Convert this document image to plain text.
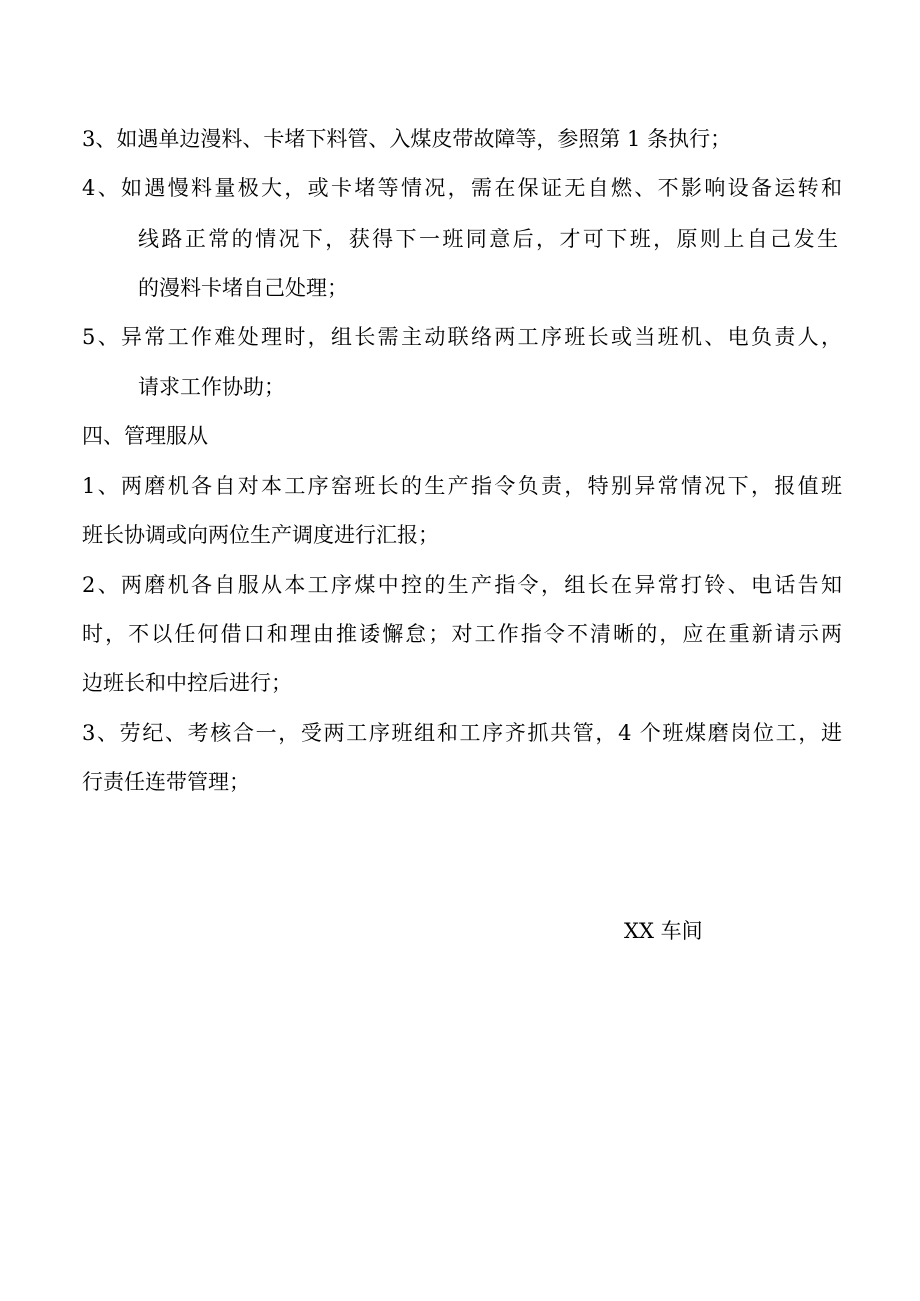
3、如遇单边漫料、卡堵下料管、入煤皮带故障等，参照第 1 条执行；
4、如遇慢料量极大，或卡堵等情况，需在保证无自燃、不影响设备运转和
线路正常的情况下，获得下一班同意后，才可下班，原则上自己发生
的漫料卡堵自己处理；
5、异常工作难处理时，组长需主动联络两工序班长或当班机、电负责人，
请求工作协助；
四、管理服从
1、两磨机各自对本工序窑班长的生产指令负责，特别异常情况下，报值班
班长协调或向两位生产调度进行汇报；
2、两磨机各自服从本工序煤中控的生产指令，组长在异常打铃、电话告知
时，不以任何借口和理由推诿懈怠；对工作指令不清晰的，应在重新请示两
边班长和中控后进行；
3、劳纪、考核合一，受两工序班组和工序齐抓共管，4 个班煤磨岗位工，进
行责任连带管理；
XX 车间
